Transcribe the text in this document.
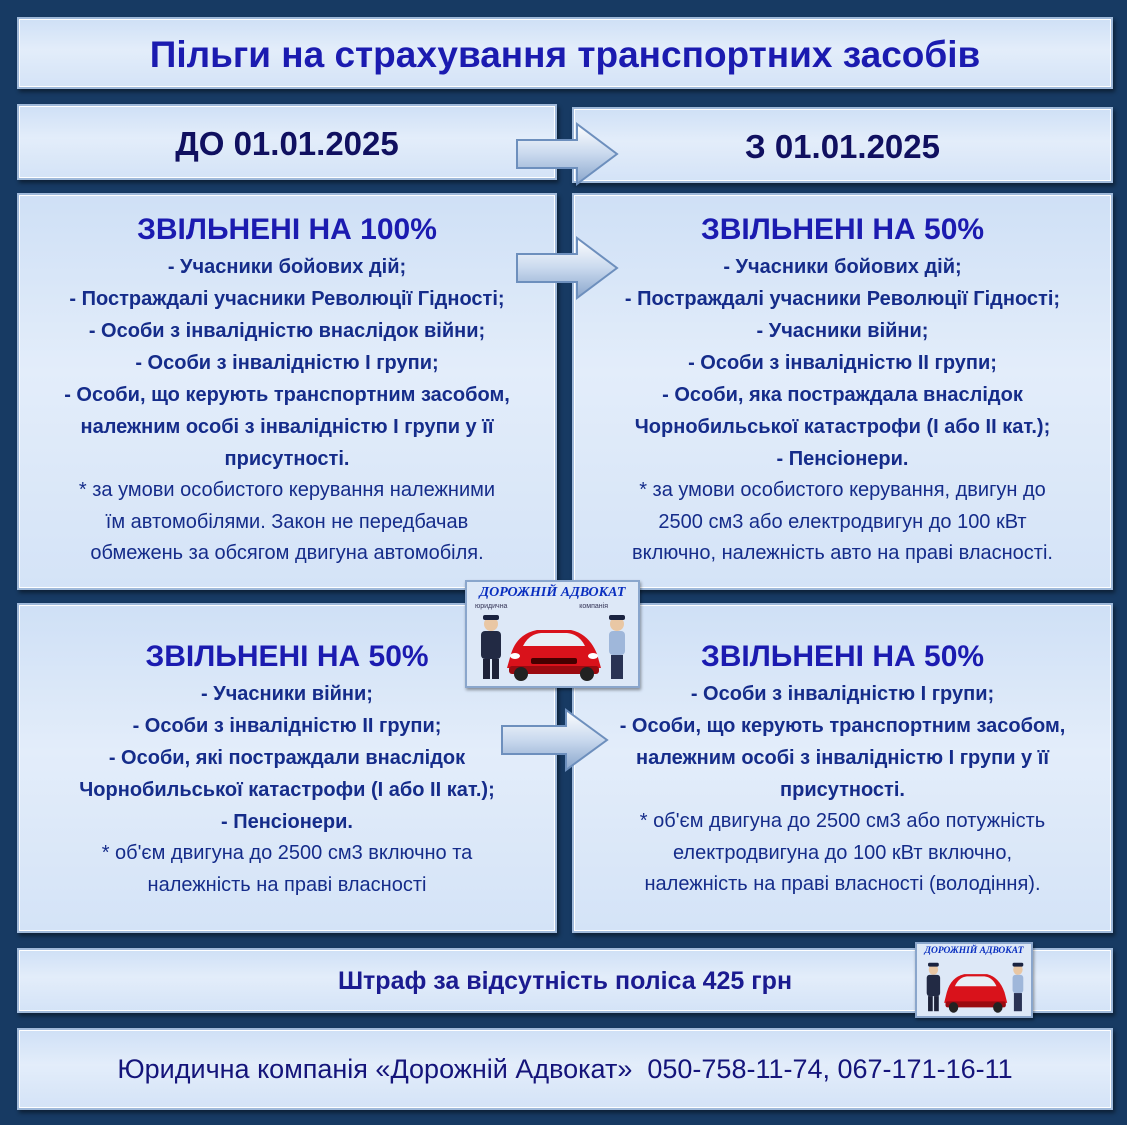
Пільги на страхування транспортних засобів
ДО 01.01.2025	З 01.01.2025
ЗВІЛЬНЕНІ НА 100%
- Учасники бойових дій;
- Постраждалі учасники Революції Гідності;
- Особи з інвалідністю внаслідок війни;
- Особи з інвалідністю I групи;
- Особи, що керують транспортним засобом,
належним особі з інвалідністю I групи у її
присутності.
* за умови особистого керування належними
їм автомобілями. Закон не передбачав
обмежень за обсягом двигуна автомобіля.
ЗВІЛЬНЕНІ НА 50%
- Учасники бойових дій;
- Постраждалі учасники Революції Гідності;
- Учасники війни;
- Особи з інвалідністю II групи;
- Особи, яка постраждала внаслідок
Чорнобильської катастрофи (I або II кат.);
- Пенсіонери.
* за умови особистого керування, двигун до
2500 см3 або електродвигун до 100 кВт
включно, належність авто на праві власності.
ЗВІЛЬНЕНІ НА 50%
- Учасники війни;
- Особи з інвалідністю II групи;
- Особи, які постраждали внаслідок
Чорнобильської катастрофи (I або II кат.);
- Пенсіонери.
* об'єм двигуна до 2500 см3 включно та
належність на праві власності
ЗВІЛЬНЕНІ НА 50%
- Особи з інвалідністю I групи;
- Особи, що керують транспортним засобом,
належним особі з інвалідністю I групи у її
присутності.
* об'єм двигуна до 2500 см3 або потужність
електродвигуна до 100 кВт включно,
належність на праві власності (володіння).
ДОРОЖНІЙ АДВОКАТ
юридична	компанія
Штраф за відсутність поліса 425 грн
ДОРОЖНІЙ АДВОКАТ
Юридична компанія «Дорожній Адвокат»  050-758-11-74, 067-171-16-11
